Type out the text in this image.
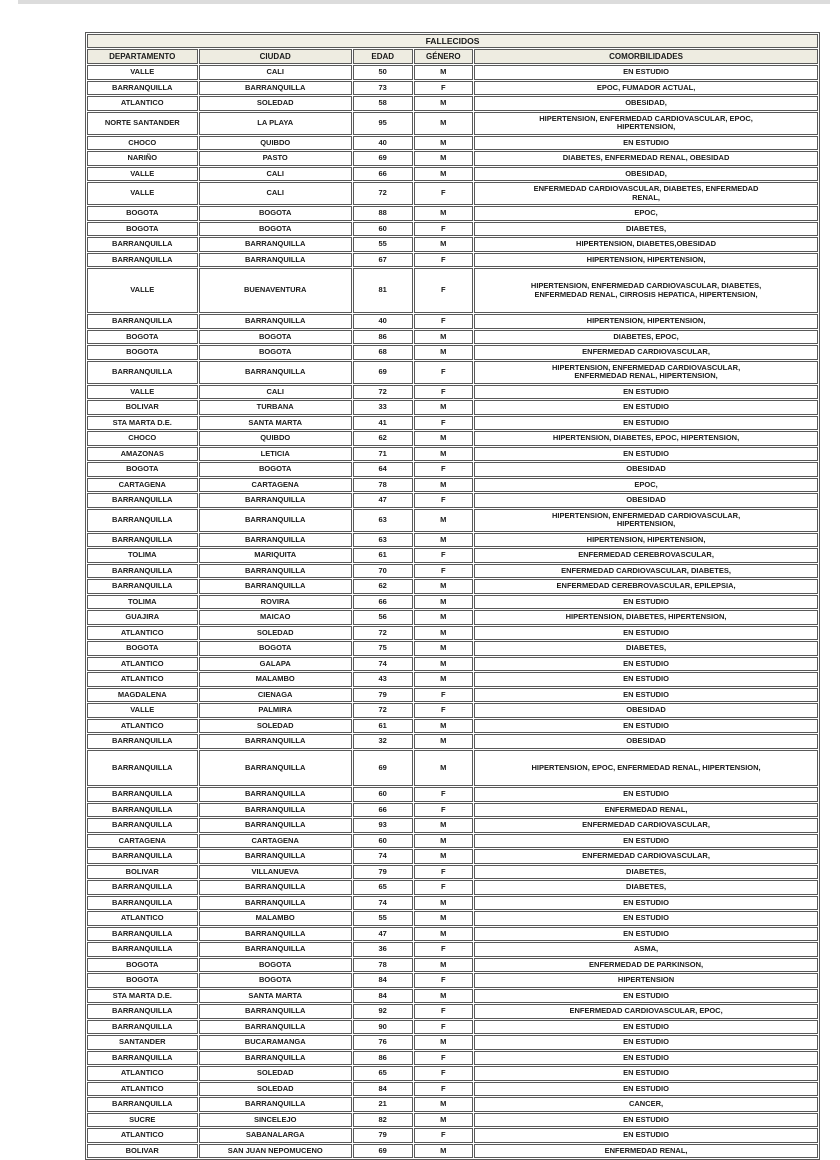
FALLECIDOS				
DEPARTAMENTO	CIUDAD	EDAD	GÉNERO	COMORBILIDADES
VALLE	CALI	50	M	EN ESTUDIO
BARRANQUILLA	BARRANQUILLA	73	F	EPOC, FUMADOR ACTUAL,
ATLANTICO	SOLEDAD	58	M	OBESIDAD,
NORTE SANTANDER	LA PLAYA	95	M	HIPERTENSION, ENFERMEDAD CARDIOVASCULAR, EPOC, HIPERTENSION,
CHOCO	QUIBDO	40	M	EN ESTUDIO
NARIÑO	PASTO	69	M	DIABETES, ENFERMEDAD RENAL, OBESIDAD
VALLE	CALI	66	M	OBESIDAD,
VALLE	CALI	72	F	ENFERMEDAD CARDIOVASCULAR, DIABETES, ENFERMEDAD RENAL,
BOGOTA	BOGOTA	88	M	EPOC,
BOGOTA	BOGOTA	60	F	DIABETES,
BARRANQUILLA	BARRANQUILLA	55	M	HIPERTENSION, DIABETES,OBESIDAD
BARRANQUILLA	BARRANQUILLA	67	F	HIPERTENSION, HIPERTENSION,
VALLE	BUENAVENTURA	81	F	HIPERTENSION, ENFERMEDAD CARDIOVASCULAR, DIABETES, ENFERMEDAD RENAL, CIRROSIS HEPATICA, HIPERTENSION,
BARRANQUILLA	BARRANQUILLA	40	F	HIPERTENSION, HIPERTENSION,
BOGOTA	BOGOTA	86	M	DIABETES, EPOC,
BOGOTA	BOGOTA	68	M	ENFERMEDAD CARDIOVASCULAR,
BARRANQUILLA	BARRANQUILLA	69	F	HIPERTENSION, ENFERMEDAD CARDIOVASCULAR, ENFERMEDAD RENAL, HIPERTENSION,
VALLE	CALI	72	F	EN ESTUDIO
BOLIVAR	TURBANA	33	M	EN ESTUDIO
STA MARTA D.E.	SANTA MARTA	41	F	EN ESTUDIO
CHOCO	QUIBDO	62	M	HIPERTENSION, DIABETES, EPOC, HIPERTENSION,
AMAZONAS	LETICIA	71	M	EN ESTUDIO
BOGOTA	BOGOTA	64	F	OBESIDAD
CARTAGENA	CARTAGENA	78	M	EPOC,
BARRANQUILLA	BARRANQUILLA	47	F	OBESIDAD
BARRANQUILLA	BARRANQUILLA	63	M	HIPERTENSION, ENFERMEDAD CARDIOVASCULAR, HIPERTENSION,
BARRANQUILLA	BARRANQUILLA	63	M	HIPERTENSION, HIPERTENSION,
TOLIMA	MARIQUITA	61	F	ENFERMEDAD CEREBROVASCULAR,
BARRANQUILLA	BARRANQUILLA	70	F	ENFERMEDAD CARDIOVASCULAR, DIABETES,
BARRANQUILLA	BARRANQUILLA	62	M	ENFERMEDAD CEREBROVASCULAR, EPILEPSIA,
TOLIMA	ROVIRA	66	M	EN ESTUDIO
GUAJIRA	MAICAO	56	M	HIPERTENSION, DIABETES, HIPERTENSION,
ATLANTICO	SOLEDAD	72	M	EN ESTUDIO
BOGOTA	BOGOTA	75	M	DIABETES,
ATLANTICO	GALAPA	74	M	EN ESTUDIO
ATLANTICO	MALAMBO	43	M	EN ESTUDIO
MAGDALENA	CIENAGA	79	F	EN ESTUDIO
VALLE	PALMIRA	72	F	OBESIDAD
ATLANTICO	SOLEDAD	61	M	EN ESTUDIO
BARRANQUILLA	BARRANQUILLA	32	M	OBESIDAD
BARRANQUILLA	BARRANQUILLA	69	M	HIPERTENSION, EPOC, ENFERMEDAD RENAL, HIPERTENSION,
BARRANQUILLA	BARRANQUILLA	60	F	EN ESTUDIO
BARRANQUILLA	BARRANQUILLA	66	F	ENFERMEDAD RENAL,
BARRANQUILLA	BARRANQUILLA	93	M	ENFERMEDAD CARDIOVASCULAR,
CARTAGENA	CARTAGENA	60	M	EN ESTUDIO
BARRANQUILLA	BARRANQUILLA	74	M	ENFERMEDAD CARDIOVASCULAR,
BOLIVAR	VILLANUEVA	79	F	DIABETES,
BARRANQUILLA	BARRANQUILLA	65	F	DIABETES,
BARRANQUILLA	BARRANQUILLA	74	M	EN ESTUDIO
ATLANTICO	MALAMBO	55	M	EN ESTUDIO
BARRANQUILLA	BARRANQUILLA	47	M	EN ESTUDIO
BARRANQUILLA	BARRANQUILLA	36	F	ASMA,
BOGOTA	BOGOTA	78	M	ENFERMEDAD DE PARKINSON,
BOGOTA	BOGOTA	84	F	HIPERTENSION
STA MARTA D.E.	SANTA MARTA	84	M	EN ESTUDIO
BARRANQUILLA	BARRANQUILLA	92	F	ENFERMEDAD CARDIOVASCULAR, EPOC,
BARRANQUILLA	BARRANQUILLA	90	F	EN ESTUDIO
SANTANDER	BUCARAMANGA	76	M	EN ESTUDIO
BARRANQUILLA	BARRANQUILLA	86	F	EN ESTUDIO
ATLANTICO	SOLEDAD	65	F	EN ESTUDIO
ATLANTICO	SOLEDAD	84	F	EN ESTUDIO
BARRANQUILLA	BARRANQUILLA	21	M	CANCER,
SUCRE	SINCELEJO	82	M	EN ESTUDIO
ATLANTICO	SABANALARGA	79	F	EN ESTUDIO
BOLIVAR	SAN JUAN NEPOMUCENO	69	M	ENFERMEDAD RENAL,
